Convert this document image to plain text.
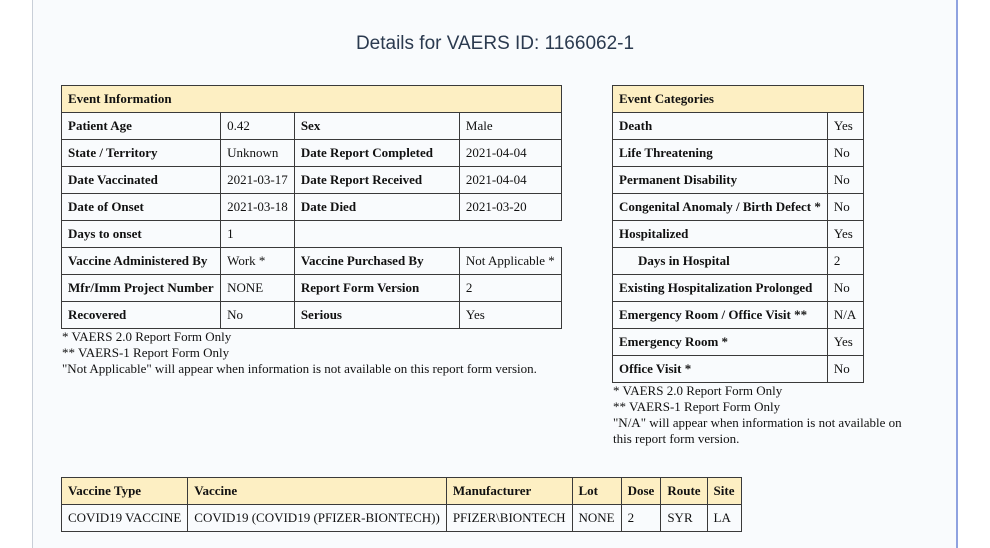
Details for VAERS ID: 1166062-1
Event Information			
Patient Age	0.42	Sex	Male
State / Territory	Unknown	Date Report Completed	2021-04-04
Date Vaccinated	2021-03-17	Date Report Received	2021-04-04
Date of Onset	2021-03-18	Date Died	2021-03-20
Days to onset	1		
Vaccine Administered By	Work *	Vaccine Purchased By	Not Applicable *
Mfr/Imm Project Number	NONE	Report Form Version	2
Recovered	No	Serious	Yes
* VAERS 2.0 Report Form Only
** VAERS-1 Report Form Only
"Not Applicable" will appear when information is not available on this report form version.
Event Categories	
Death	Yes
Life Threatening	No
Permanent Disability	No
Congenital Anomaly / Birth Defect *	No
Hospitalized	Yes
Days in Hospital	2
Existing Hospitalization Prolonged	No
Emergency Room / Office Visit **	N/A
Emergency Room *	Yes
Office Visit *	No
* VAERS 2.0 Report Form Only
** VAERS-1 Report Form Only
"N/A" will appear when information is not available on
this report form version.
Vaccine Type	Vaccine	Manufacturer	Lot	Dose	Route	Site
COVID19 VACCINE	COVID19 (COVID19 (PFIZER-BIONTECH))	PFIZER\BIONTECH	NONE	2	SYR	LA
